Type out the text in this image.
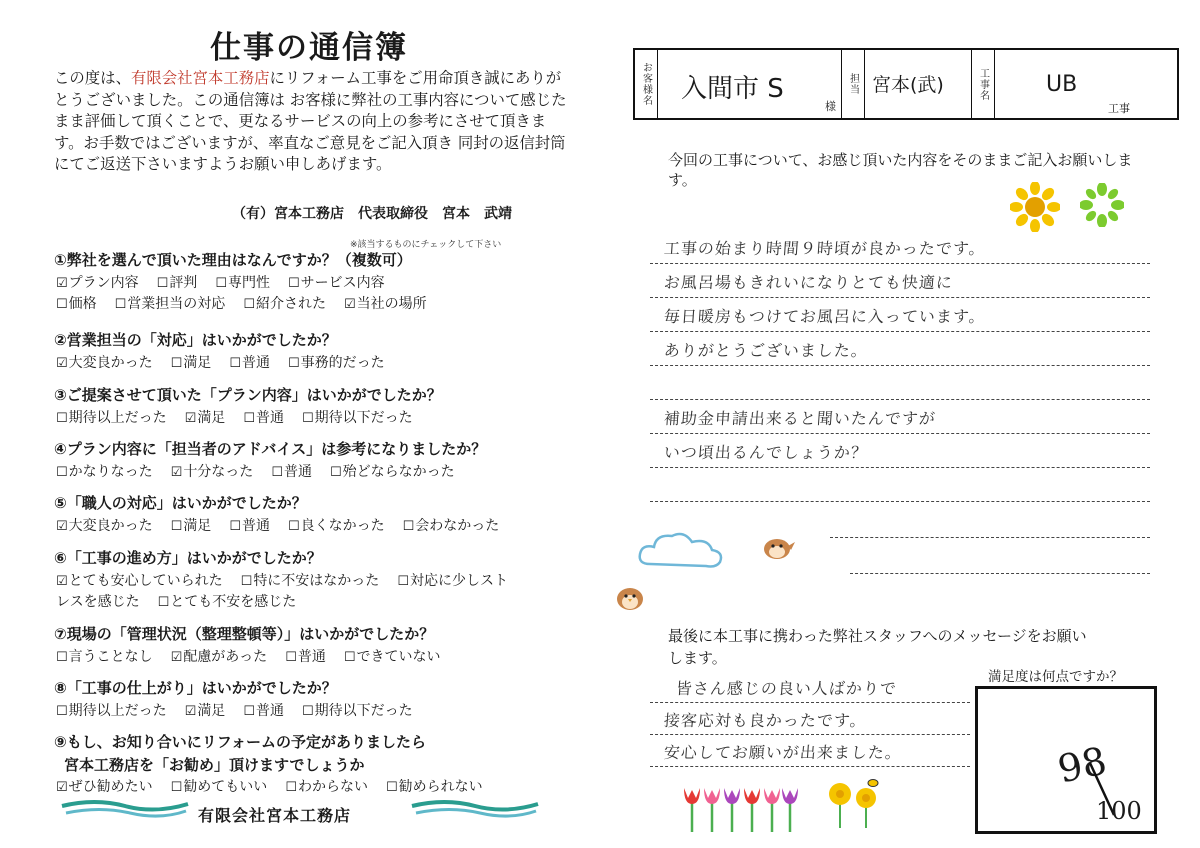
仕事の通信簿
この度は、有限会社宮本工務店にリフォーム工事をご用命頂き誠にありがとうございました。この通信簿は お客様に弊社の工事内容について感じたまま評価して頂くことで、更なるサービスの向上の参考にさせて頂きます。お手数ではございますが、率直なご意見をご記入頂き 同封の返信封筒にてご返送下さいますようお願い申しあげます。
（有）宮本工務店　代表取締役　宮本　武靖
※該当するものにチェックして下さい
①弊社を選んで頂いた理由はなんですか？（複数可）
☑プラン内容 ☐評判 ☐専門性 ☐サービス内容
☐価格 ☐営業担当の対応 ☐紹介された ☑当社の場所
②営業担当の「対応」はいかがでしたか？
☑大変良かった ☐満足 ☐普通 ☐事務的だった
③ご提案させて頂いた「プラン内容」はいかがでしたか？
☐期待以上だった ☑満足 ☐普通 ☐期待以下だった
④プラン内容に「担当者のアドバイス」は参考になりましたか？
☐かなりなった ☑十分なった ☐普通 ☐殆どならなかった
⑤「職人の対応」はいかがでしたか？
☑大変良かった ☐満足 ☐普通 ☐良くなかった ☐会わなかった
⑥「工事の進め方」はいかがでしたか？
☑とても安心していられた ☐特に不安はなかった ☐対応に少しスト
レスを感じた ☐とても不安を感じた
⑦現場の「管理状況（整理整頓等）」はいかがでしたか？
☐言うことなし ☑配慮があった ☐普通 ☐できていない
⑧「工事の仕上がり」はいかがでしたか？
☐期待以上だった ☑満足 ☐普通 ☐期待以下だった
⑨もし、お知り合いにリフォームの予定がありましたら
宮本工務店を「お勧め」頂けますでしょうか
☑ぜひ勧めたい ☐勧めてもいい ☐わからない ☐勧められない
有限会社宮本工務店
お客様名 入間市 S
様
担当 宮本(武)	工事名	UB
工事
今回の工事について、お感じ頂いた内容をそのままご記入お願いします。
工事の始まり時間９時頃が良かったです。
お風呂場もきれいになりとても快適に
毎日暖房もつけてお風呂に入っています。
ありがとうございました。
補助金申請出来ると聞いたんですが
いつ頃出るんでしょうか？
最後に本工事に携わった弊社スタッフへのメッセージをお願いします。
満足度は何点ですか？
皆さん感じの良い人ばかりで
接客応対も良かったです。
安心してお願いが出来ました。	98
100
